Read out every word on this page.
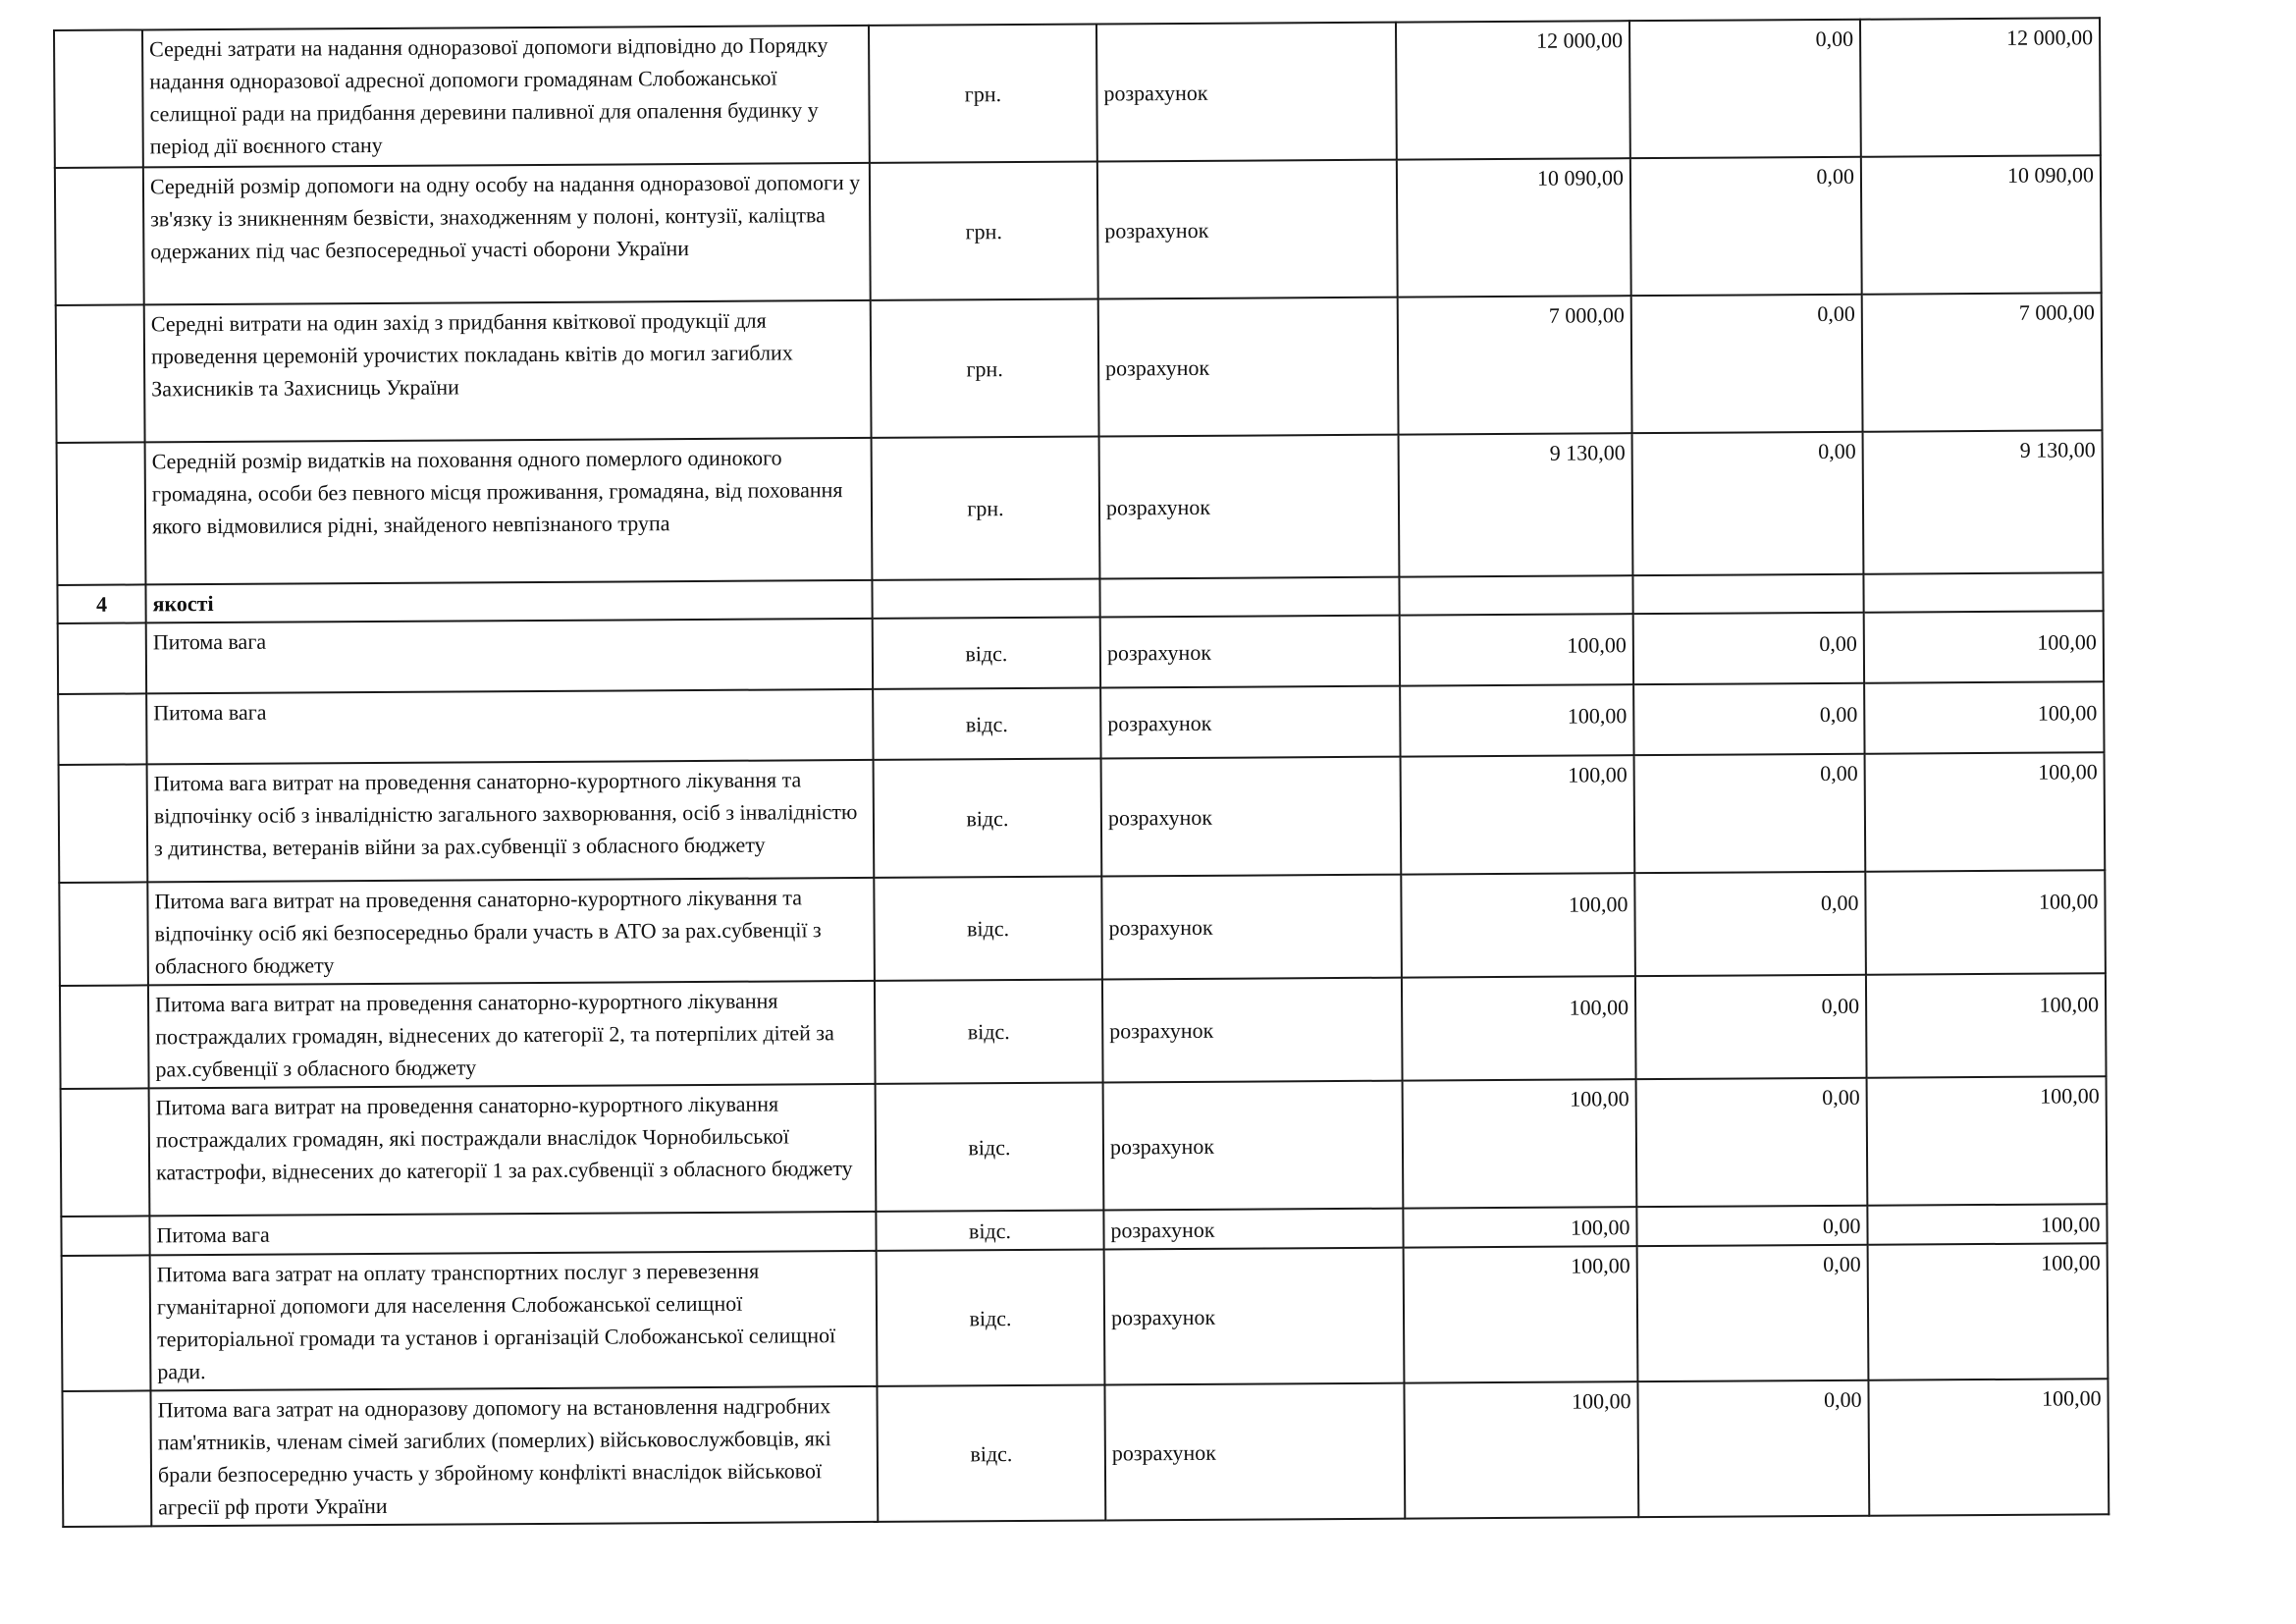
	Середні затрати на надання одноразової допомоги відповідно до Порядку надання одноразової адресної допомоги громадянам Слобожанської селищної ради на придбання деревини паливної для опалення будинку у період дії воєнного стану	грн.	розрахунок	12 000,00	0,00	12 000,00
	Середній розмір допомоги на одну особу на надання одноразової допомоги у зв'язку із зникненням безвісти, знаходженням у полоні, контузії, каліцтва одержаних під час безпосередньої участі оборони України	грн.	розрахунок	10 090,00	0,00	10 090,00
	Середні витрати на один захід з придбання квіткової продукції для проведення церемоній урочистих покладань квітів до могил загиблих Захисників та Захисниць України	грн.	розрахунок	7 000,00	0,00	7 000,00
	Середній розмір видатків на поховання одного померлого одинокого громадяна, особи без певного місця проживання, громадяна, від поховання якого відмовилися рідні, знайденого невпізнаного трупа	грн.	розрахунок	9 130,00	0,00	9 130,00
4	якості					
	Питома вага	відс.	розрахунок	100,00	0,00	100,00
	Питома вага	відс.	розрахунок	100,00	0,00	100,00
	Питома вага витрат на проведення санаторно-курортного лікування та відпочінку осіб з інвалідністю загального захворювання, осіб з інвалідністю з дитинства, ветеранів війни за рах.субвенції з обласного бюджету	відс.	розрахунок	100,00	0,00	100,00
	Питома вага витрат на проведення санаторно-курортного лікування та відпочінку осіб які безпосередньо брали участь в АТО за рах.субвенції з обласного бюджету	відс.	розрахунок	100,00	0,00	100,00
	Питома вага витрат на проведення санаторно-курортного лікування постраждалих громадян, віднесених до категорії 2, та потерпілих дітей за рах.субвенції з обласного бюджету	відс.	розрахунок	100,00	0,00	100,00
	Питома вага витрат на проведення санаторно-курортного лікування постраждалих громадян, які постраждали внаслідок Чорнобильської катастрофи, віднесених до категорії 1 за рах.субвенції з обласного бюджету	відс.	розрахунок	100,00	0,00	100,00
	Питома вага	відс.	розрахунок	100,00	0,00	100,00
	Питома вага затрат на оплату транспортних послуг з перевезення гуманітарної допомоги для населення Слобожанської селищної територіальної громади та установ і організацій Слобожанської селищної ради.	відс.	розрахунок	100,00	0,00	100,00
	Питома вага затрат на одноразову допомогу на встановлення надгробних пам'ятників, членам сімей загиблих (померлих) військовослужбовців, які брали безпосередню участь у збройному конфлікті внаслідок військової агресії рф проти України	відс.	розрахунок	100,00	0,00	100,00
